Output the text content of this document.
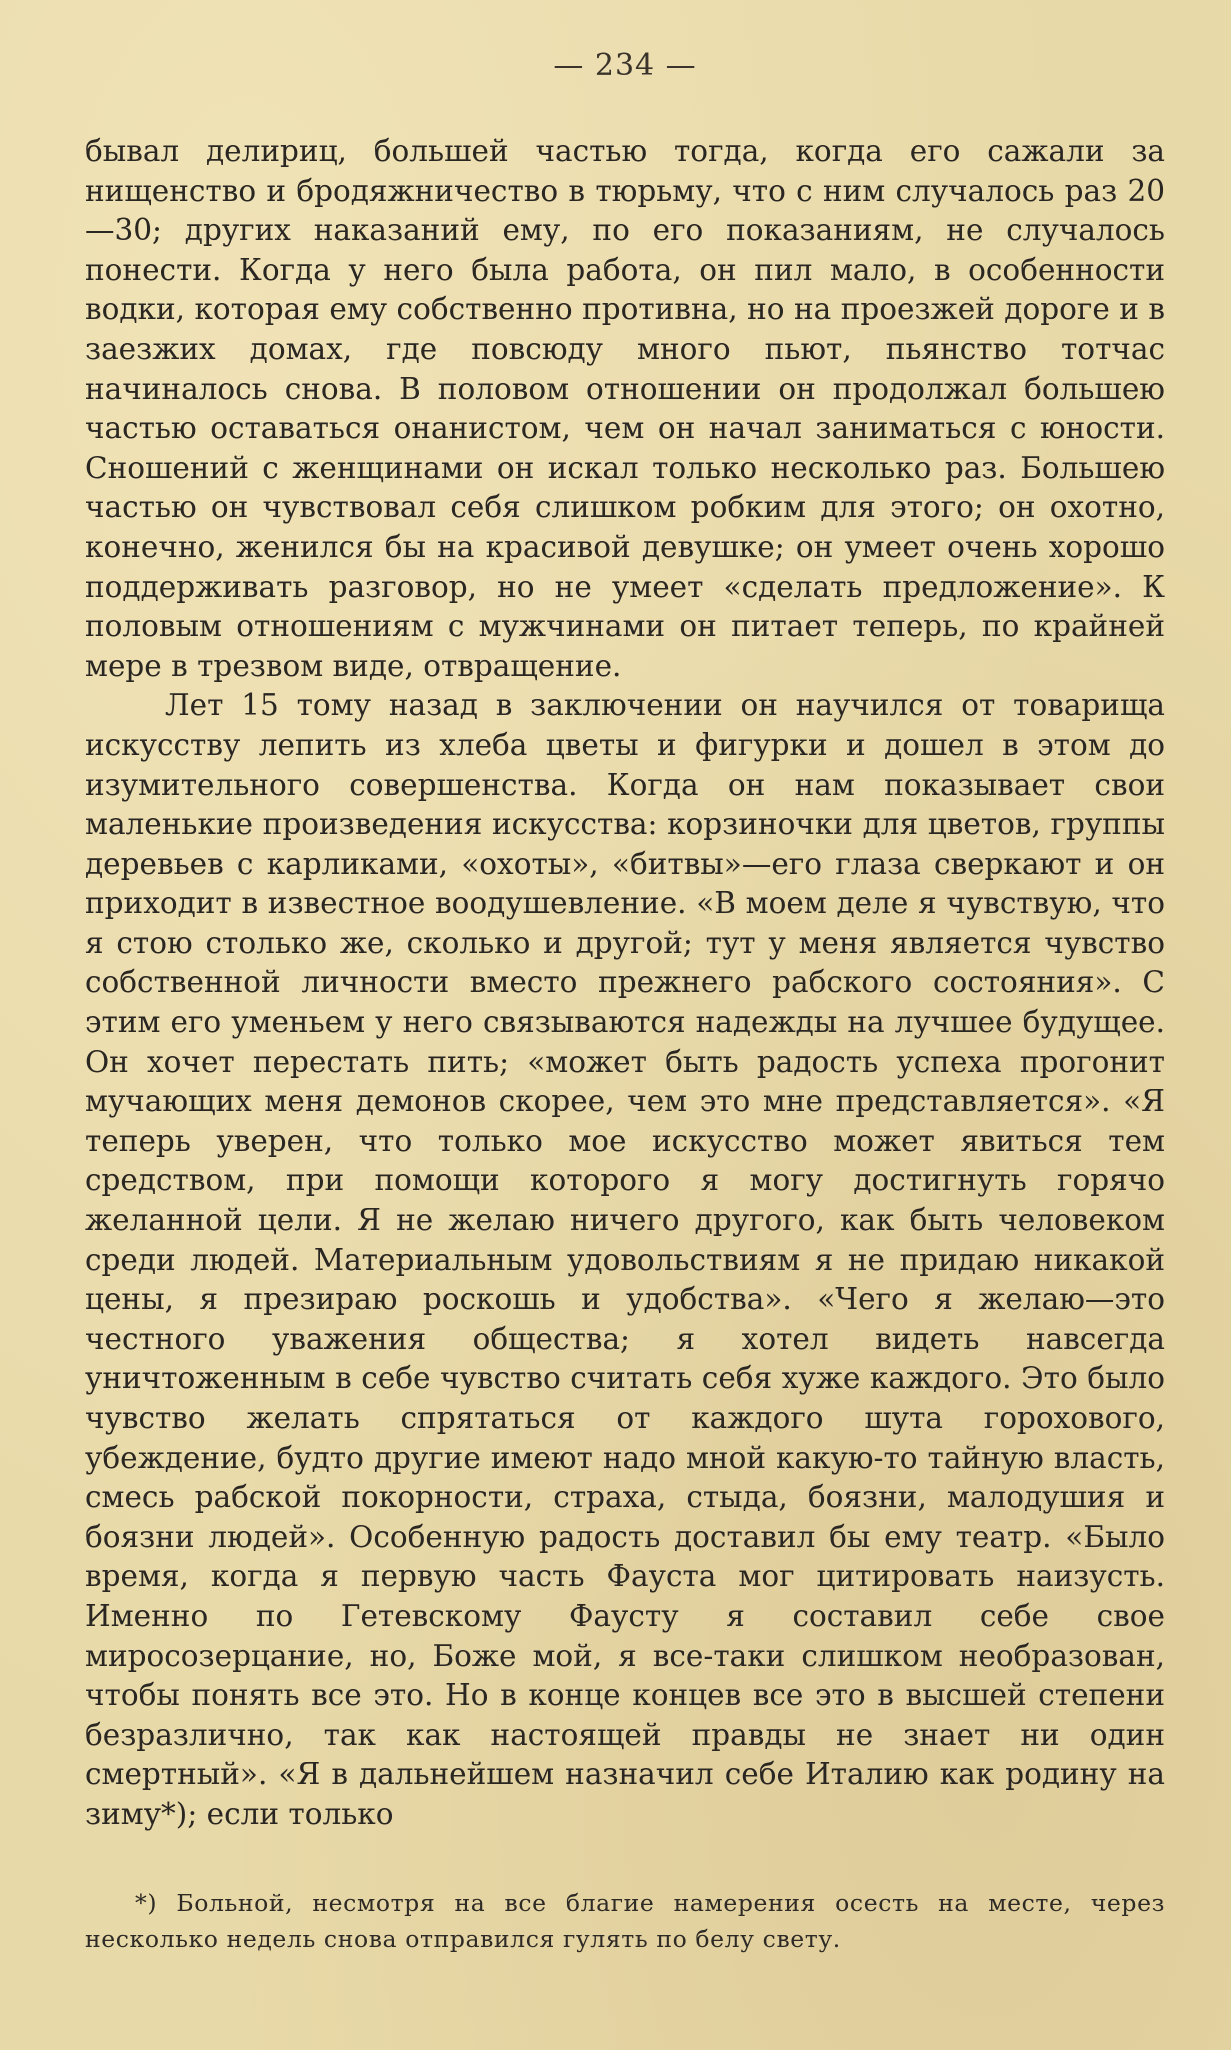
— 234 —

бывал делириц, большей частью тогда, когда его сажали за нищенство и бродяжничество в тюрьму, что с ним случалось раз 20—30; других наказаний ему, по его показаниям, не случалось понести. Когда у него была работа, он пил мало, в особенности водки, которая ему собственно противна, но на проезжей дороге и в заезжих домах, где повсюду много пьют, пьянство тотчас начиналось снова. В половом отношении он продолжал большею частью оставаться онанистом, чем он начал заниматься с юности. Сношений с женщинами он искал только несколько раз. Большею частью он чувствовал себя слишком робким для этого; он охотно, конечно, женился бы на красивой девушке; он умеет очень хорошо поддерживать разговор, но не умеет «сделать предложение». К половым отношениям с мужчинами он питает теперь, по крайней мере в трезвом виде, отвращение.

Лет 15 тому назад в заключении он научился от товарища искусству лепить из хлеба цветы и фигурки и дошел в этом до изумительного совершенства. Когда он нам показывает свои маленькие произведения искусства: корзиночки для цветов, группы деревьев с карликами, «охоты», «битвы»—его глаза сверкают и он приходит в известное воодушевление. «В моем деле я чувствую, что я стою столько же, сколько и другой; тут у меня является чувство собственной личности вместо прежнего рабского состояния». С этим его уменьем у него связываются надежды на лучшее будущее. Он хочет перестать пить; «может быть радость успеха прогонит мучающих меня демонов скорее, чем это мне представляется». «Я теперь уверен, что только мое искусство может явиться тем средством, при помощи которого я могу достигнуть горячо желанной цели. Я не желаю ничего другого, как быть человеком среди людей. Материальным удовольствиям я не придаю никакой цены, я презираю роскошь и удобства». «Чего я желаю—это честного уважения общества; я хотел видеть навсегда уничтоженным в себе чувство считать себя хуже каждого. Это было чувство желать спрятаться от каждого шута горохового, убеждение, будто другие имеют надо мной какую-то тайную власть, смесь рабской покорности, страха, стыда, боязни, малодушия и боязни людей». Особенную радость доставил бы ему театр. «Было время, когда я первую часть Фауста мог цитировать наизусть. Именно по Гетевскому Фаусту я составил себе свое миросозерцание, но, Боже мой, я все-таки слишком необразован, чтобы понять все это. Но в конце концев все это в высшей степени безразлично, так как настоящей правды не знает ни один смертный». «Я в дальнейшем назначил себе Италию как родину на зиму*); если только

*) Больной, несмотря на все благие намерения осесть на месте, через несколько недель снова отправился гулять по белу свету.
